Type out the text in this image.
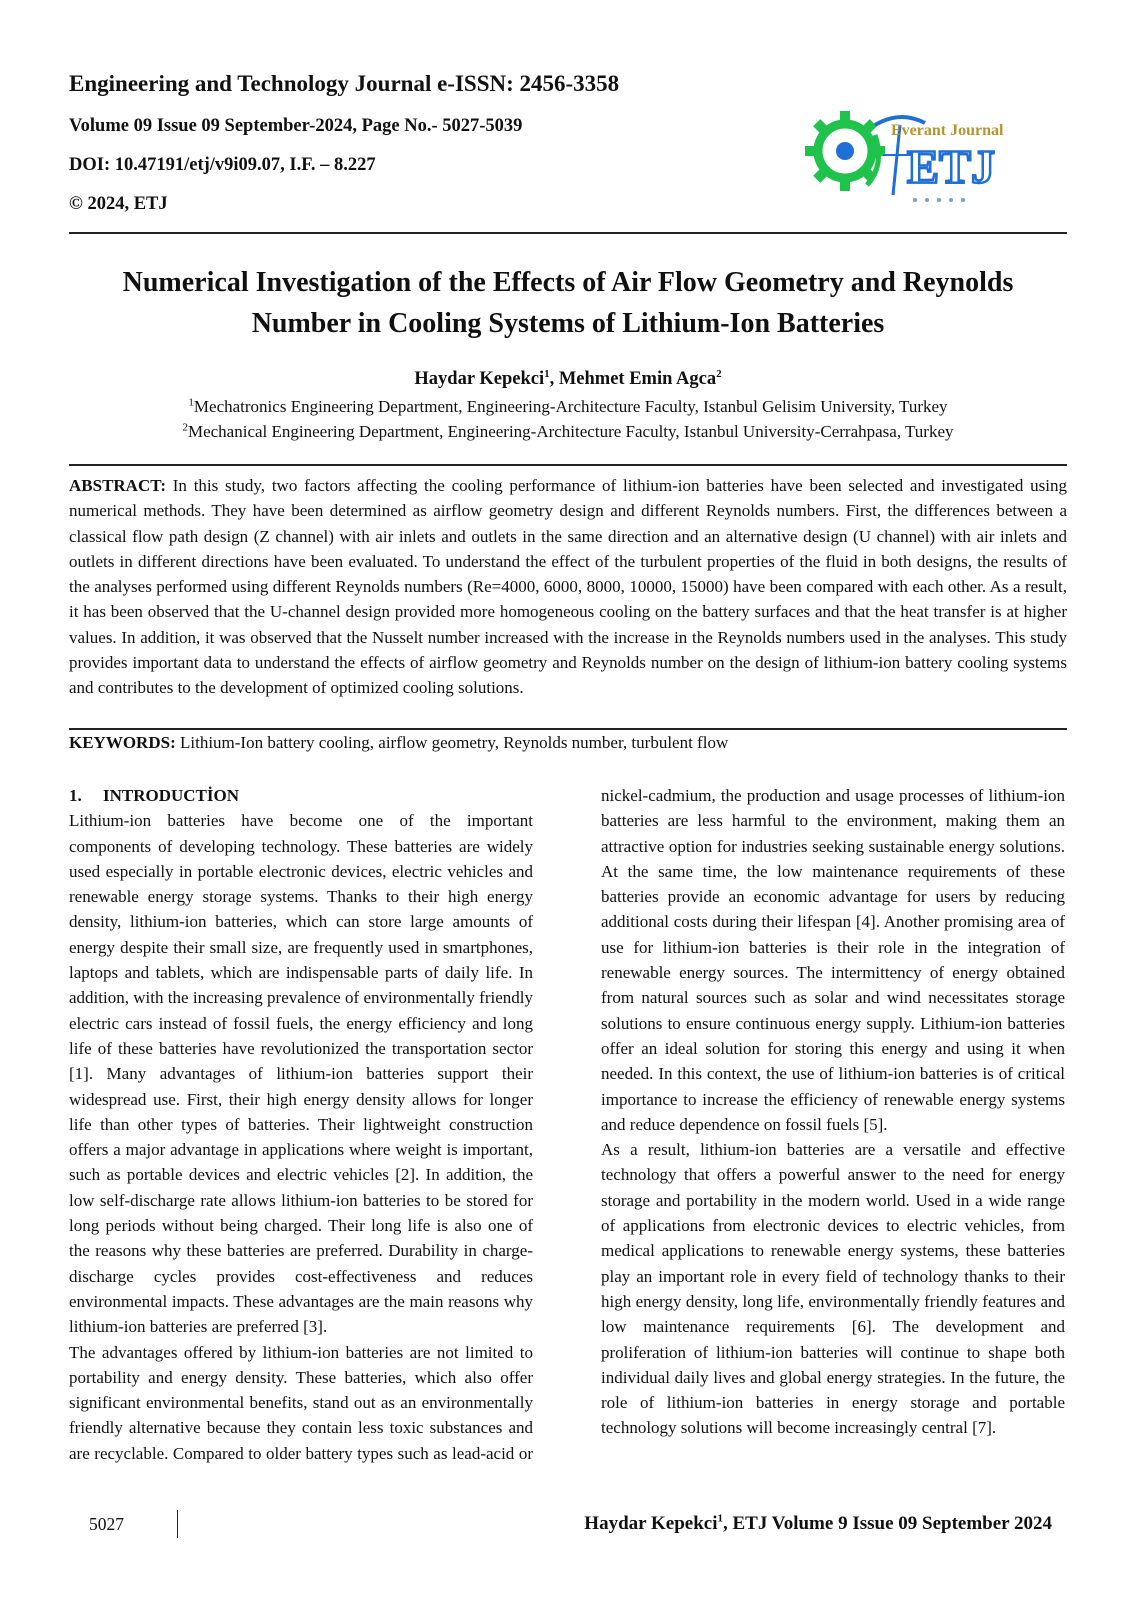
Engineering and Technology Journal e-ISSN: 2456-3358
Volume 09 Issue 09 September-2024, Page No.- 5027-5039
DOI: 10.47191/etj/v9i09.07, I.F. – 8.227
© 2024, ETJ
Everant Journal
ETJ
Numerical Investigation of the Effects of Air Flow Geometry and Reynolds
Number in Cooling Systems of Lithium-Ion Batteries
Haydar Kepekci$^1$, Mehmet Emin Agca$^2$
$^1$Mechatronics Engineering Department, Engineering-Architecture Faculty, Istanbul Gelisim University, Turkey
$^2$Mechanical Engineering Department, Engineering-Architecture Faculty, Istanbul University-Cerrahpasa, Turkey
ABSTRACT: In this study, two factors affecting the cooling performance of lithium-ion batteries have been selected and investigated using numerical methods. They have been determined as airflow geometry design and different Reynolds numbers. First, the differences between a classical flow path design (Z channel) with air inlets and outlets in the same direction and an alternative design (U channel) with air inlets and outlets in different directions have been evaluated. To understand the effect of the turbulent properties of the fluid in both designs, the results of the analyses performed using different Reynolds numbers (Re=4000, 6000, 8000, 10000, 15000) have been compared with each other. As a result, it has been observed that the U-channel design provided more homogeneous cooling on the battery surfaces and that the heat transfer is at higher values. In addition, it was observed that the Nusselt number increased with the increase in the Reynolds numbers used in the analyses. This study provides important data to understand the effects of airflow geometry and Reynolds number on the design of lithium-ion battery cooling systems and contributes to the development of optimized cooling solutions.
KEYWORDS: Lithium-Ion battery cooling, airflow geometry, Reynolds number, turbulent flow
1. INTRODUCTİON

Lithium-ion batteries have become one of the important components of developing technology. These batteries are widely used especially in portable electronic devices, electric vehicles and renewable energy storage systems. Thanks to their high energy density, lithium-ion batteries, which can store large amounts of energy despite their small size, are frequently used in smartphones, laptops and tablets, which are indispensable parts of daily life. In addition, with the increasing prevalence of environmentally friendly electric cars instead of fossil fuels, the energy efficiency and long life of these batteries have revolutionized the transportation sector [1]. Many advantages of lithium-ion batteries support their widespread use. First, their high energy density allows for longer life than other types of batteries. Their lightweight construction offers a major advantage in applications where weight is important, such as portable devices and electric vehicles [2]. In addition, the low self-discharge rate allows lithium-ion batteries to be stored for long periods without being charged. Their long life is also one of the reasons why these batteries are preferred. Durability in charge-discharge cycles provides cost-effectiveness and reduces environmental impacts. These advantages are the main reasons why lithium-ion batteries are preferred [3].

The advantages offered by lithium-ion batteries are not limited to portability and energy density. These batteries, which also offer significant environmental benefits, stand out as an environmentally friendly alternative because they contain less toxic substances and are recyclable. Compared to older battery types such as lead-acid or

nickel-cadmium, the production and usage processes of lithium-ion batteries are less harmful to the environment, making them an attractive option for industries seeking sustainable energy solutions. At the same time, the low maintenance requirements of these batteries provide an economic advantage for users by reducing additional costs during their lifespan [4]. Another promising area of use for lithium-ion batteries is their role in the integration of renewable energy sources. The intermittency of energy obtained from natural sources such as solar and wind necessitates storage solutions to ensure continuous energy supply. Lithium-ion batteries offer an ideal solution for storing this energy and using it when needed. In this context, the use of lithium-ion batteries is of critical importance to increase the efficiency of renewable energy systems and reduce dependence on fossil fuels [5].

As a result, lithium-ion batteries are a versatile and effective technology that offers a powerful answer to the need for energy storage and portability in the modern world. Used in a wide range of applications from electronic devices to electric vehicles, from medical applications to renewable energy systems, these batteries play an important role in every field of technology thanks to their high energy density, long life, environmentally friendly features and low maintenance requirements [6]. The development and proliferation of lithium-ion batteries will continue to shape both individual daily lives and global energy strategies. In the future, the role of lithium-ion batteries in energy storage and portable technology solutions will become increasingly central [7].

5027	Haydar Kepekci$^1$, ETJ Volume 9 Issue 09 September 2024
